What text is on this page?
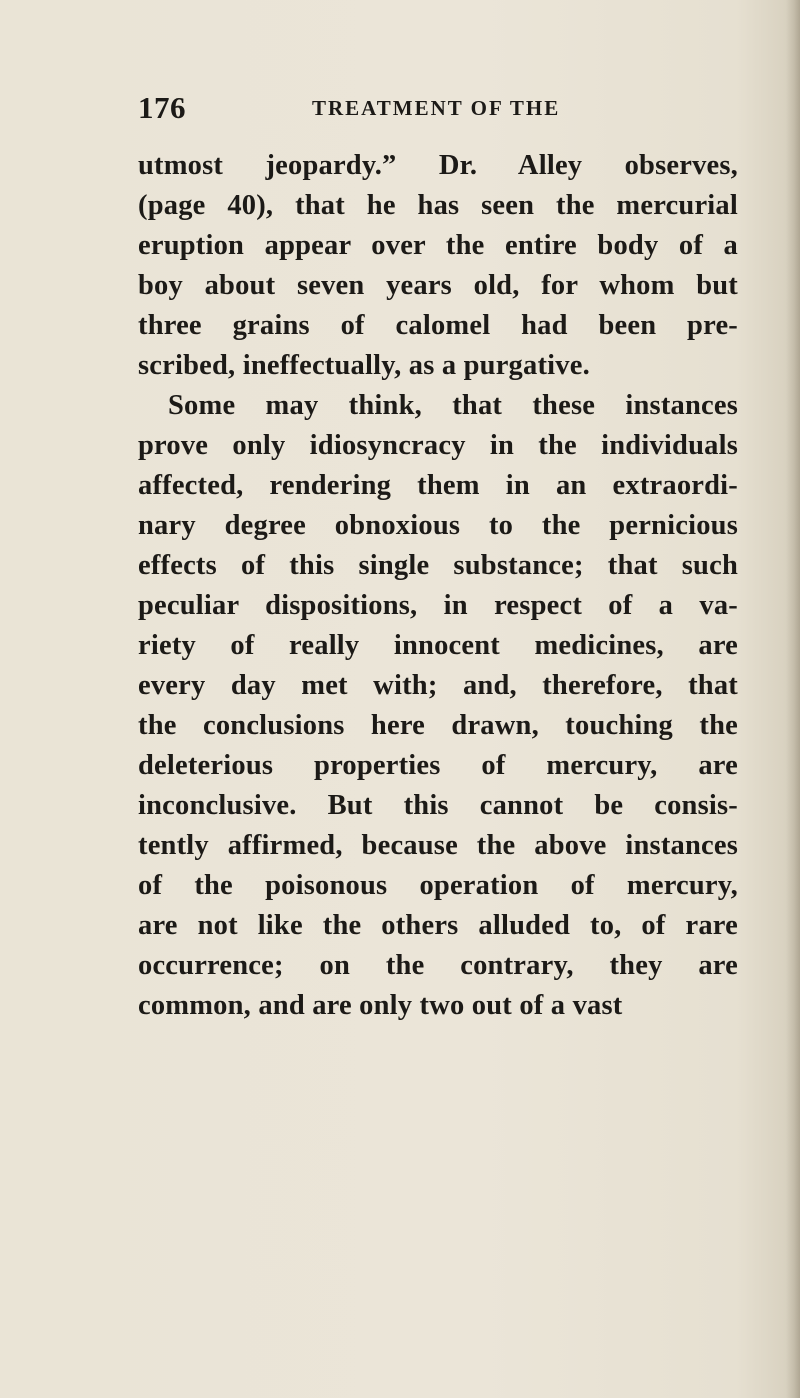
176	TREATMENT OF THE
utmost jeopardy.” Dr. Alley observes,
(page 40), that he has seen the mercurial
eruption appear over the entire body of a
boy about seven years old, for whom but
three grains of calomel had been pre-
scribed, ineffectually, as a purgative.
Some may think, that these instances
prove only idiosyncracy in the individuals
affected, rendering them in an extraordi-
nary degree obnoxious to the pernicious
effects of this single substance; that such
peculiar dispositions, in respect of a va-
riety of really innocent medicines, are
every day met with; and, therefore, that
the conclusions here drawn, touching the
deleterious properties of mercury, are
inconclusive. But this cannot be consis-
tently affirmed, because the above instances
of the poisonous operation of mercury,
are not like the others alluded to, of rare
occurrence; on the contrary, they are
common, and are only two out of a vast
